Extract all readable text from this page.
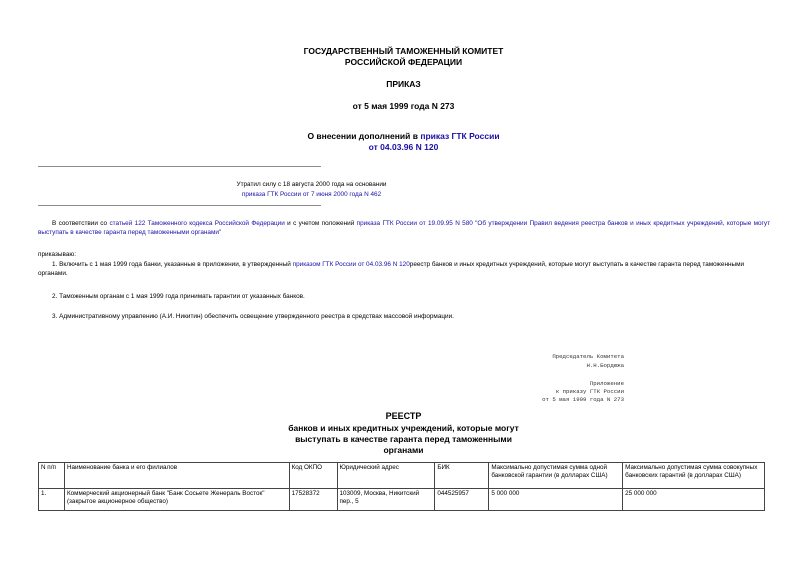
ГОСУДАРСТВЕННЫЙ ТАМОЖЕННЫЙ КОМИТЕТ
РОССИЙСКОЙ ФЕДЕРАЦИИ
ПРИКАЗ
от 5 мая 1999 года N 273
О внесении дополнений в приказ ГТК России
от 04.03.96 N 120
Утратил силу с 18 августа 2000 года на основании
приказа ГТК России от 7 июня 2000 года N 462
В соответствии со статьей 122 Таможенного кодекса Российской Федерации и с учетом положений приказа ГТК России от 19.09.95 N 580 "Об утверждении Правил ведения реестра банков и иных кредитных учреждений, которые могут выступать в качестве гаранта перед таможенными органами"
приказываю:
1. Включить с 1 мая 1999 года банки, указанные в приложении, в утвержденный приказом ГТК России от 04.03.96 N 120реестр банков и иных кредитных учреждений, которые могут выступать в качестве гаранта перед таможенными органами.
2. Таможенным органам с 1 мая 1999 года принимать гарантии от указанных банков.
3. Административному управлению (А.И. Никитин) обеспечить освещение утвержденного реестра в средствах массовой информации.
Председатель Комитета
Н.Н.Бордюжа
Приложение
к приказу ГТК России
от 5 мая 1999 года N 273
РЕЕСТР
банков и иных кредитных учреждений, которые могут
выступать в качестве гаранта перед таможенными
органами
N п/п	Наименование банка и его филиалов	Код ОКПО	Юридический адрес	БИК	Максимально допустимая сумма одной банковской гарантии (в долларах США)	Максимально допустимая сумма совокупных банковских гарантий (в долларах США)
1.	Коммерческий акционерный банк "Банк Сосьете Женераль Восток" (закрытое акционерное общество)	17528372	103009, Москва, Никитский пер., 5	044525957	5 000 000	25 000 000
